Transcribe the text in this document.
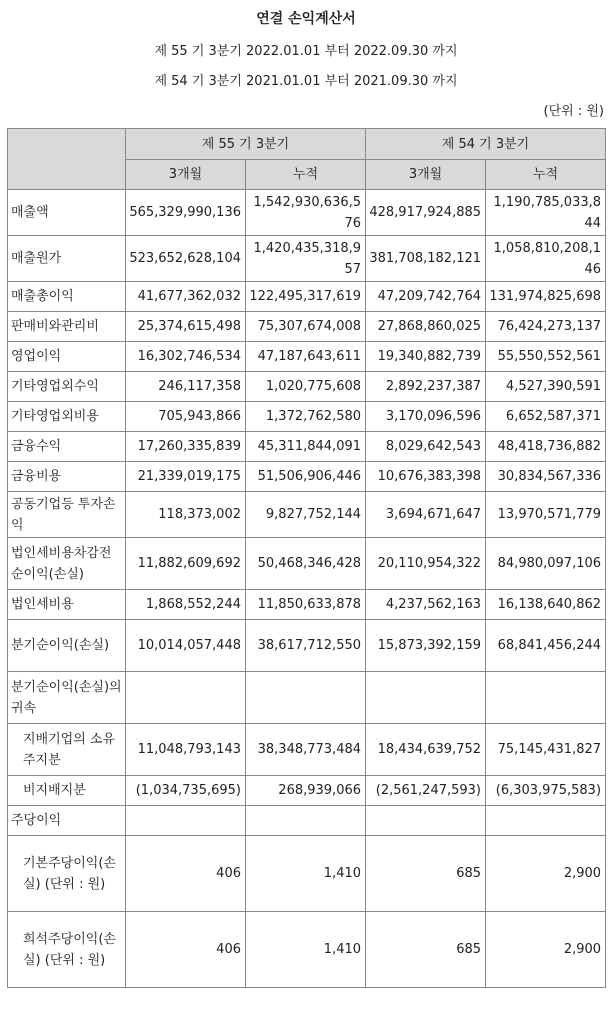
연결 손익계산서
제 55 기 3분기 2022.01.01 부터 2022.09.30 까지
제 54 기 3분기 2021.01.01 부터 2021.09.30 까지
(단위 : 원)
	제 55 기 3분기		제 54 기 3분기	
	3개월	누적	3개월	누적
매출액	565,329,990,136	1,542,930,636,576	428,917,924,885	1,190,785,033,844
매출원가	523,652,628,104	1,420,435,318,957	381,708,182,121	1,058,810,208,146
매출총이익	41,677,362,032	122,495,317,619	47,209,742,764	131,974,825,698
판매비와관리비	25,374,615,498	75,307,674,008	27,868,860,025	76,424,273,137
영업이익	16,302,746,534	47,187,643,611	19,340,882,739	55,550,552,561
기타영업외수익	246,117,358	1,020,775,608	2,892,237,387	4,527,390,591
기타영업외비용	705,943,866	1,372,762,580	3,170,096,596	6,652,587,371
금융수익	17,260,335,839	45,311,844,091	8,029,642,543	48,418,736,882
금융비용	21,339,019,175	51,506,906,446	10,676,383,398	30,834,567,336
공동기업등 투자손익	118,373,002	9,827,752,144	3,694,671,647	13,970,571,779
법인세비용차감전순이익(손실)	11,882,609,692	50,468,346,428	20,110,954,322	84,980,097,106
법인세비용	1,868,552,244	11,850,633,878	4,237,562,163	16,138,640,862
분기순이익(손실)	10,014,057,448	38,617,712,550	15,873,392,159	68,841,456,244
분기순이익(손실)의 귀속				
지배기업의 소유주지분	11,048,793,143	38,348,773,484	18,434,639,752	75,145,431,827
비지배지분	(1,034,735,695)	268,939,066	(2,561,247,593)	(6,303,975,583)
주당이익				
기본주당이익(손실) (단위 : 원)	406	1,410	685	2,900
희석주당이익(손실) (단위 : 원)	406	1,410	685	2,900
